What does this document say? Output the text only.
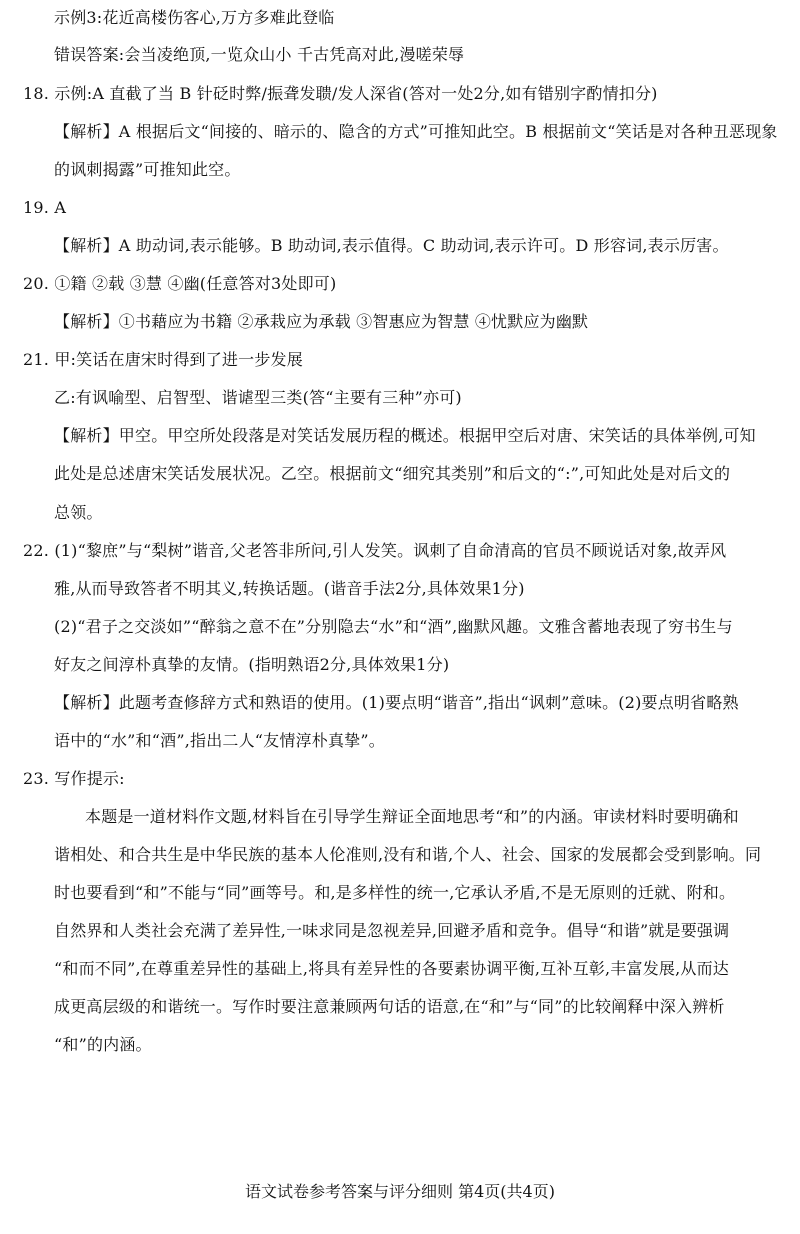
示例3:花近高楼伤客心,万方多难此登临
错误答案:会当凌绝顶,一览众山小 千古凭高对此,漫嗟荣辱
18. 示例:A 直截了当 B 针砭时弊/振聋发聩/发人深省(答对一处2分,如有错别字酌情扣分)
【解析】A 根据后文“间接的、暗示的、隐含的方式”可推知此空。B 根据前文“笑话是对各种丑恶现象
的讽刺揭露”可推知此空。
19. A
【解析】A 助动词,表示能够。B 助动词,表示值得。C 助动词,表示许可。D 形容词,表示厉害。
20. ①籍 ②载 ③慧 ④幽(任意答对3处即可)
【解析】①书藉应为书籍 ②承栽应为承载 ③智惠应为智慧 ④忧默应为幽默
21. 甲:笑话在唐宋时得到了进一步发展
乙:有讽喻型、启智型、谐谑型三类(答“主要有三种”亦可)
【解析】甲空。甲空所处段落是对笑话发展历程的概述。根据甲空后对唐、宋笑话的具体举例,可知
此处是总述唐宋笑话发展状况。乙空。根据前文“细究其类别”和后文的“:”,可知此处是对后文的
总领。
22. (1)“黎庶”与“梨树”谐音,父老答非所问,引人发笑。讽刺了自命清高的官员不顾说话对象,故弄风
雅,从而导致答者不明其义,转换话题。(谐音手法2分,具体效果1分)
(2)“君子之交淡如”“醉翁之意不在”分别隐去“水”和“酒”,幽默风趣。文雅含蓄地表现了穷书生与
好友之间淳朴真挚的友情。(指明熟语2分,具体效果1分)
【解析】此题考查修辞方式和熟语的使用。(1)要点明“谐音”,指出“讽刺”意味。(2)要点明省略熟
语中的“水”和“酒”,指出二人“友情淳朴真挚”。
23. 写作提示:
本题是一道材料作文题,材料旨在引导学生辩证全面地思考“和”的内涵。审读材料时要明确和
谐相处、和合共生是中华民族的基本人伦准则,没有和谐,个人、社会、国家的发展都会受到影响。同
时也要看到“和”不能与“同”画等号。和,是多样性的统一,它承认矛盾,不是无原则的迁就、附和。
自然界和人类社会充满了差异性,一味求同是忽视差异,回避矛盾和竞争。倡导“和谐”就是要强调
“和而不同”,在尊重差异性的基础上,将具有差异性的各要素协调平衡,互补互彰,丰富发展,从而达
成更高层级的和谐统一。写作时要注意兼顾两句话的语意,在“和”与“同”的比较阐释中深入辨析
“和”的内涵。
语文试卷参考答案与评分细则 第4页(共4页)
